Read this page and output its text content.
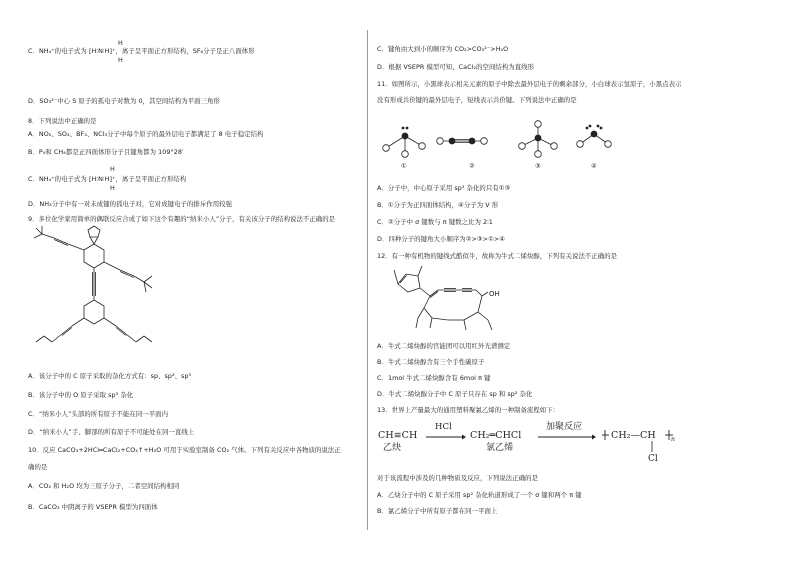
C．NH₄⁺的电子式为 [H∶N∶H]⁺，离子呈平面正方形结构，SF₆分子是正八面体形
H
H
D．SO₃²⁻中心 S 原子的孤电子对数为 0，其空间结构为平面三角形
8．下列说法中正确的是
A．NO₂、SO₂、BF₃、NCl₃分子中每个原子的最外层电子都满足了 8 电子稳定结构
B．P₄和 CH₄都是正四面体形分子且键角都为 109°28′
C．NH₄⁺的电子式为 [H∶N∶H]⁺，离子呈平面正方形结构
H
H
D．NH₃分子中有一对未成键的孤电子对，它对成键电子的排斥作用较强
9．多位化学家用简单的偶联反应合成了如下这个有趣的“纳米小人”分子，有关该分子的结构说法不正确的是
A．该分子中的 C 原子采取的杂化方式有：sp、sp²、sp³
B．该分子中的 O 原子采取 sp³ 杂化
C．“纳米小人”头部的所有原子不能在同一平面内
D．“纳米小人”手、脚部的所有原子不可能处在同一直线上
10．反应 CaCO₃+2HCl═CaCl₂+CO₂↑+H₂O 可用于实验室制备 CO₂ 气体。下列有关反应中各物质的说法正
确的是
A．CO₂ 和 H₂O 均为三原子分子，二者空间结构相同
B．CaCO₃ 中阴离子的 VSEPR 模型为四面体
C．键角由大到小的顺序为 CO₂>CO₃²⁻>H₂O
D．根据 VSEPR 模型可知，CaCl₂的空间结构为直线形
11．如图所示，小黑球表示相关元素的原子中除去最外层电子的剩余部分，小白球表示氢原子，小黑点表示
没有形成共价键的最外层电子，短线表示共价键。下列说法中正确的是
①	②	③	④
A．分子中，中心原子采用 sp³ 杂化的只有①③
B．①分子为正四面体结构，④分子为 V 形
C．②分子中 σ 键数与 π 键数之比为 2∶1
D．四种分子的键角大小顺序为②>③>①>④
12．有一种有机物的键线式酷似牛，故称为牛式二烯炔醇，下列有关说法不正确的是
OH
A．牛式二烯炔醇的官能团可以用红外光谱测定
B．牛式二烯炔醇含有三个手性碳原子
C．1mol 牛式二烯炔醇含有 6mol π 键
D．牛式二烯炔醇分子中 C 原子只存在 sp 和 sp² 杂化
13．世界上产量最大的通用塑料聚氯乙烯的一种制备流程如下：
CH≡CH
乙炔
HCl
CH₂═CHCl
氯乙烯
加聚反应
CH₂—CH	n
Cl
对于该流程中涉及的几种物质及反应，下列说法正确的是
A．乙炔分子中的 C 原子采用 sp² 杂化轨道形成了一个 σ 键和两个 π 键
B．氯乙烯分子中所有原子都在同一平面上
